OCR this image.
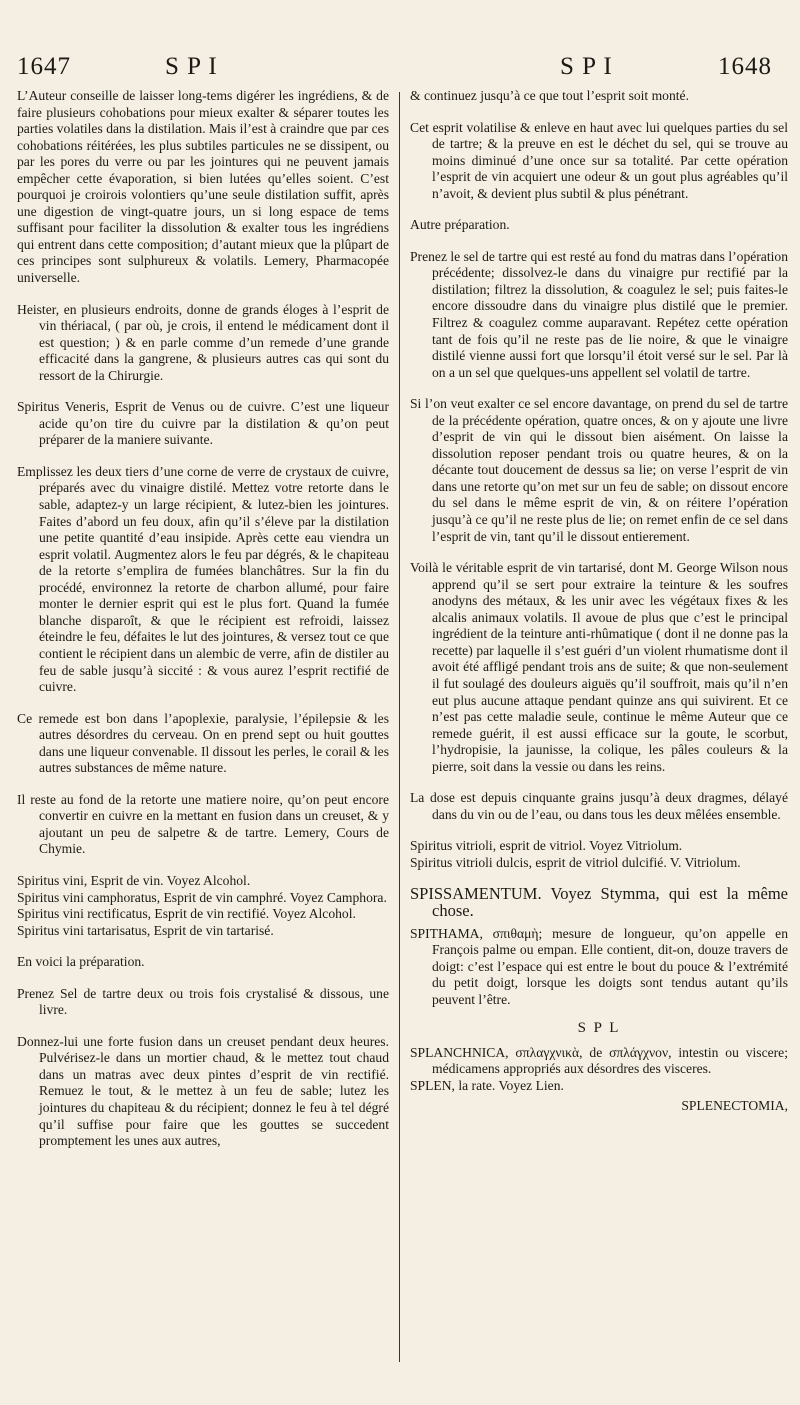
1647	S P I	S P I	1648

L’Auteur conseille de laisser long-tems digérer les ingrédiens, & de faire plusieurs cohobations pour mieux exalter & séparer toutes les parties volatiles dans la distilation. Mais il’est à craindre que par ces cohobations réitérées, les plus subtiles particules ne se dissipent, ou par les pores du verre ou par les jointures qui ne peuvent jamais empêcher cette évaporation, si bien lutées qu’elles soient. C’est pourquoi je croirois volontiers qu’une seule distilation suffit, après une digestion de vingt-quatre jours, un si long espace de tems suffisant pour faciliter la dissolution & exalter tous les ingrédiens qui entrent dans cette composition; d’autant mieux que la plûpart de ces principes sont sulphureux & volatils. Lemery, Pharmacopée universelle.

Heister, en plusieurs endroits, donne de grands éloges à l’esprit de vin thériacal, ( par où, je crois, il entend le médicament dont il est question; ) & en parle comme d’un remede d’une grande efficacité dans la gangrene, & plusieurs autres cas qui sont du ressort de la Chirurgie.

Spiritus Veneris, Esprit de Venus ou de cuivre. C’est une liqueur acide qu’on tire du cuivre par la distilation & qu’on peut préparer de la maniere suivante.

Emplissez les deux tiers d’une corne de verre de crystaux de cuivre, préparés avec du vinaigre distilé. Mettez votre retorte dans le sable, adaptez-y un large récipient, & lutez-bien les jointures. Faites d’abord un feu doux, afin qu’il s’éleve par la distilation une petite quantité d’eau insipide. Après cette eau viendra un esprit volatil. Augmentez alors le feu par dégrés, & le chapiteau de la retorte s’emplira de fumées blanchâtres. Sur la fin du procédé, environnez la retorte de charbon allumé, pour faire monter le dernier esprit qui est le plus fort. Quand la fumée blanche disparoît, & que le récipient est refroidi, laissez éteindre le feu, défaites le lut des jointures, & versez tout ce que contient le récipient dans un alembic de verre, afin de distiler au feu de sable jusqu’à siccité : & vous aurez l’esprit rectifié de cuivre.

Ce remede est bon dans l’apoplexie, paralysie, l’épilepsie & les autres désordres du cerveau. On en prend sept ou huit gouttes dans une liqueur convenable. Il dissout les perles, le corail & les autres substances de même nature.

Il reste au fond de la retorte une matiere noire, qu’on peut encore convertir en cuivre en la mettant en fusion dans un creuset, & y ajoutant un peu de salpetre & de tartre. Lemery, Cours de Chymie.

Spiritus vini, Esprit de vin. Voyez Alcohol.

Spiritus vini camphoratus, Esprit de vin camphré. Voyez Camphora.

Spiritus vini rectificatus, Esprit de vin rectifié. Voyez Alcohol.

Spiritus vini tartarisatus, Esprit de vin tartarisé.

En voici la préparation.

Prenez Sel de tartre deux ou trois fois crystalisé & dissous, une livre.

Donnez-lui une forte fusion dans un creuset pendant deux heures. Pulvérisez-le dans un mortier chaud, & le mettez tout chaud dans un matras avec deux pintes d’esprit de vin rectifié. Remuez le tout, & le mettez à un feu de sable; lutez les jointures du chapiteau & du récipient; donnez le feu à tel dégré qu’il suffise pour faire que les gouttes se succedent promptement les unes aux autres,

& continuez jusqu’à ce que tout l’esprit soit monté.

Cet esprit volatilise & enleve en haut avec lui quelques parties du sel de tartre; & la preuve en est le déchet du sel, qui se trouve au moins diminué d’une once sur sa totalité. Par cette opération l’esprit de vin acquiert une odeur & un gout plus agréables qu’il n’avoit, & devient plus subtil & plus pénétrant.

Autre préparation.

Prenez le sel de tartre qui est resté au fond du matras dans l’opération précédente; dissolvez-le dans du vinaigre pur rectifié par la distilation; filtrez la dissolution, & coagulez le sel; puis faites-le encore dissoudre dans du vinaigre plus distilé que le premier. Filtrez & coagulez comme auparavant. Repétez cette opération tant de fois qu’il ne reste pas de lie noire, & que le vinaigre distilé vienne aussi fort que lorsqu’il étoit versé sur le sel. Par là on a un sel que quelques-uns appellent sel volatil de tartre.

Si l’on veut exalter ce sel encore davantage, on prend du sel de tartre de la précédente opération, quatre onces, & on y ajoute une livre d’esprit de vin qui le dissout bien aisément. On laisse la dissolution reposer pendant trois ou quatre heures, & on la décante tout doucement de dessus sa lie; on verse l’esprit de vin dans une retorte qu’on met sur un feu de sable; on dissout encore du sel dans le même esprit de vin, & on réitere l’opération jusqu’à ce qu’il ne reste plus de lie; on remet enfin de ce sel dans l’esprit de vin, tant qu’il le dissout entierement.

Voilà le véritable esprit de vin tartarisé, dont M. George Wilson nous apprend qu’il se sert pour extraire la teinture & les soufres anodyns des métaux, & les unir avec les végétaux fixes & les alcalis animaux volatils. Il avoue de plus que c’est le principal ingrédient de la teinture anti-rhûmatique ( dont il ne donne pas la recette) par laquelle il s’est guéri d’un violent rhumatisme dont il avoit été affligé pendant trois ans de suite; & que non-seulement il fut soulagé des douleurs aiguës qu’il souffroit, mais qu’il n’en eut plus aucune attaque pendant quinze ans qui suivirent. Et ce n’est pas cette maladie seule, continue le même Auteur que ce remede guérit, il est aussi efficace sur la goute, le scorbut, l’hydropisie, la jaunisse, la colique, les pâles couleurs & la pierre, soit dans la vessie ou dans les reins.

La dose est depuis cinquante grains jusqu’à deux dragmes, délayé dans du vin ou de l’eau, ou dans tous les deux mêlées ensemble.

Spiritus vitrioli, esprit de vitriol. Voyez Vitriolum.

Spiritus vitrioli dulcis, esprit de vitriol dulcifié. V. Vitriolum.

SPISSAMENTUM. Voyez Stymma, qui est la même chose.

SPITHAMA, σπιθαμὴ; mesure de longueur, qu’on appelle en François palme ou empan. Elle contient, dit-on, douze travers de doigt: c’est l’espace qui est entre le bout du pouce & l’extrémité du petit doigt, lorsque les doigts sont tendus autant qu’ils peuvent l’être.

S P L

SPLANCHNICA, σπλαγχνικὰ, de σπλάγχνον, intestin ou viscere; médicamens appropriés aux désordres des visceres.

SPLEN, la rate. Voyez Lien.

SPLENECTOMIA,
